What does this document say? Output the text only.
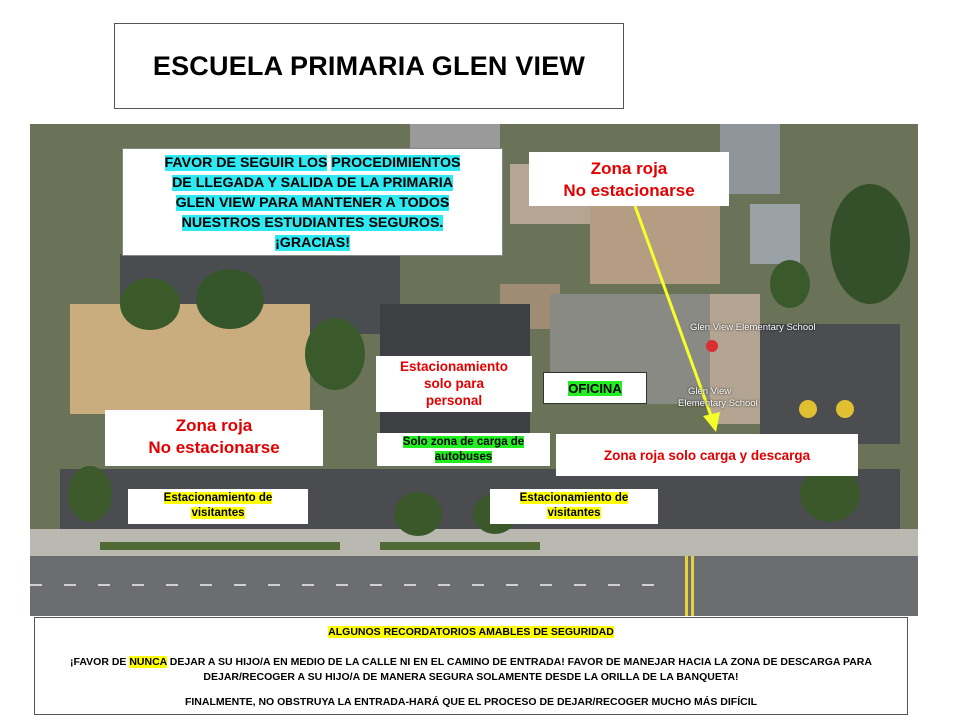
ESCUELA PRIMARIA GLEN VIEW
Glen View Elementary School
Glen View
Elementary School
FAVOR DE SEGUIR LOS PROCEDIMIENTOS
DE LLEGADA Y SALIDA DE LA PRIMARIA
GLEN VIEW PARA MANTENER A TODOS
NUESTROS ESTUDIANTES SEGUROS.
¡GRACIAS!
Zona roja
No estacionarse
Zona roja
No estacionarse
Estacionamiento
solo para
personal
OFICINA
Solo zona de carga de
autobuses	Zona roja solo carga y descarga
Estacionamiento de
visitantes
Estacionamiento de
visitantes
ALGUNOS RECORDATORIOS AMABLES DE SEGURIDAD
¡FAVOR DE NUNCA DEJAR A SU HIJO/A EN MEDIO DE LA CALLE NI EN EL CAMINO DE ENTRADA! FAVOR DE MANEJAR HACIA LA ZONA DE DESCARGA PARA DEJAR/RECOGER A SU HIJO/A DE MANERA SEGURA SOLAMENTE DESDE LA ORILLA DE LA BANQUETA!
FINALMENTE, NO OBSTRUYA LA ENTRADA-HARÁ QUE EL PROCESO DE DEJAR/RECOGER MUCHO MÁS DIFÍCIL
